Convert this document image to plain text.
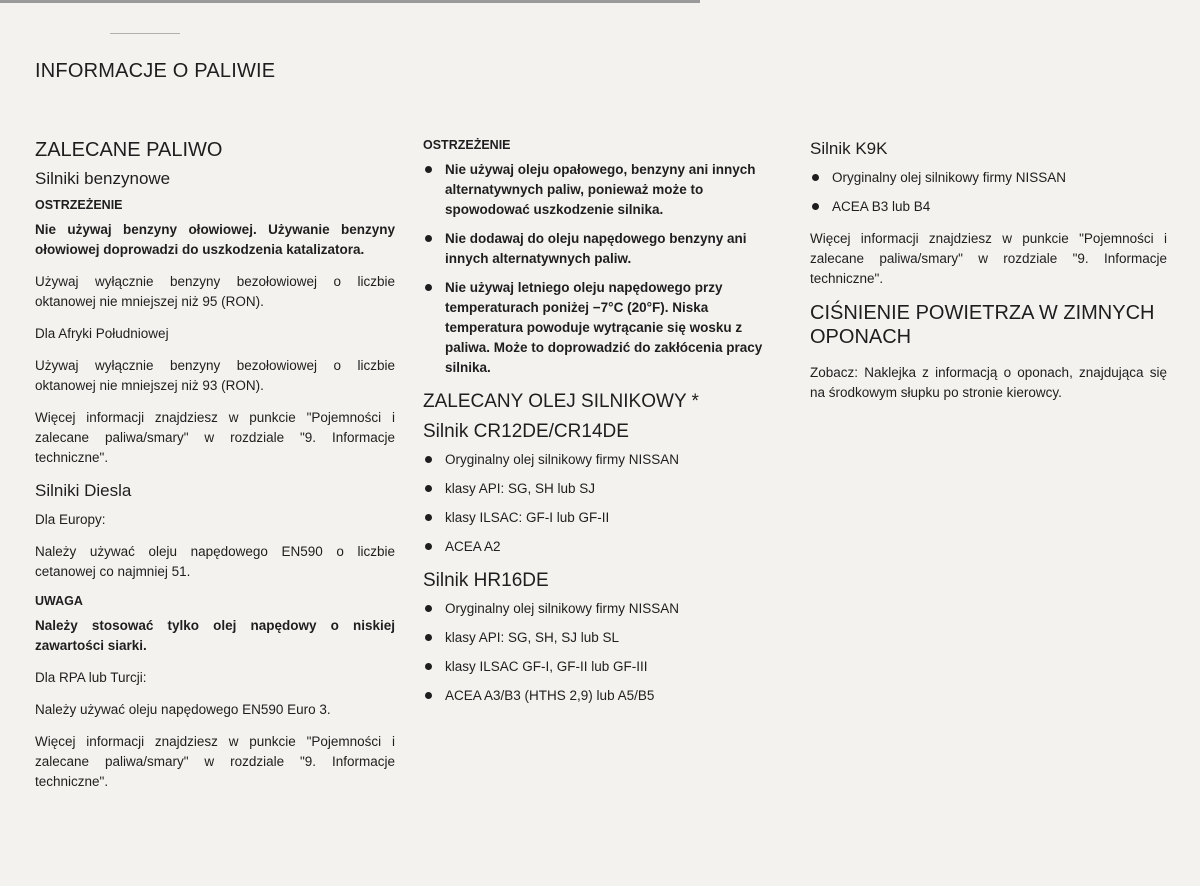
INFORMACJE O PALIWIE
ZALECANE PALIWO
Silniki benzynowe
OSTRZEŻENIE
Nie używaj benzyny ołowiowej. Używanie benzyny ołowiowej doprowadzi do uszkodzenia katalizatora.
Używaj wyłącznie benzyny bezołowiowej o liczbie oktanowej nie mniejszej niż 95 (RON).
Dla Afryki Południowej
Używaj wyłącznie benzyny bezołowiowej o liczbie oktanowej nie mniejszej niż 93 (RON).
Więcej informacji znajdziesz w punkcie "Pojemności i zalecane paliwa/smary" w rozdziale "9. Informacje techniczne".
Silniki Diesla
Dla Europy:
Należy używać oleju napędowego EN590 o liczbie cetanowej co najmniej 51.
UWAGA
Należy stosować tylko olej napędowy o niskiej zawartości siarki.
Dla RPA lub Turcji:
Należy używać oleju napędowego EN590 Euro 3.
Więcej informacji znajdziesz w punkcie "Pojemności i zalecane paliwa/smary" w rozdziale "9. Informacje techniczne".
OSTRZEŻENIE
Nie używaj oleju opałowego, benzyny ani innych alternatywnych paliw, ponieważ może to spowodować uszkodzenie silnika.
Nie dodawaj do oleju napędowego benzyny ani innych alternatywnych paliw.
Nie używaj letniego oleju napędowego przy temperaturach poniżej −7°C (20°F). Niska temperatura powoduje wytrącanie się wosku z paliwa. Może to doprowadzić do zakłócenia pracy silnika.
ZALECANY OLEJ SILNIKOWY *
Silnik CR12DE/CR14DE
Oryginalny olej silnikowy firmy NISSAN
klasy API: SG, SH lub SJ
klasy ILSAC: GF-I lub GF-II
ACEA A2
Silnik HR16DE
Oryginalny olej silnikowy firmy NISSAN
klasy API: SG, SH, SJ lub SL
klasy ILSAC GF-I, GF-II lub GF-III
ACEA A3/B3 (HTHS 2,9) lub A5/B5
Silnik K9K
Oryginalny olej silnikowy firmy NISSAN
ACEA B3 lub B4
Więcej informacji znajdziesz w punkcie "Pojemności i zalecane paliwa/smary" w rozdziale "9. Informacje techniczne".
CIŚNIENIE POWIETRZA W ZIMNYCH OPONACH
Zobacz: Naklejka z informacją o oponach, znajdująca się na środkowym słupku po stronie kierowcy.
